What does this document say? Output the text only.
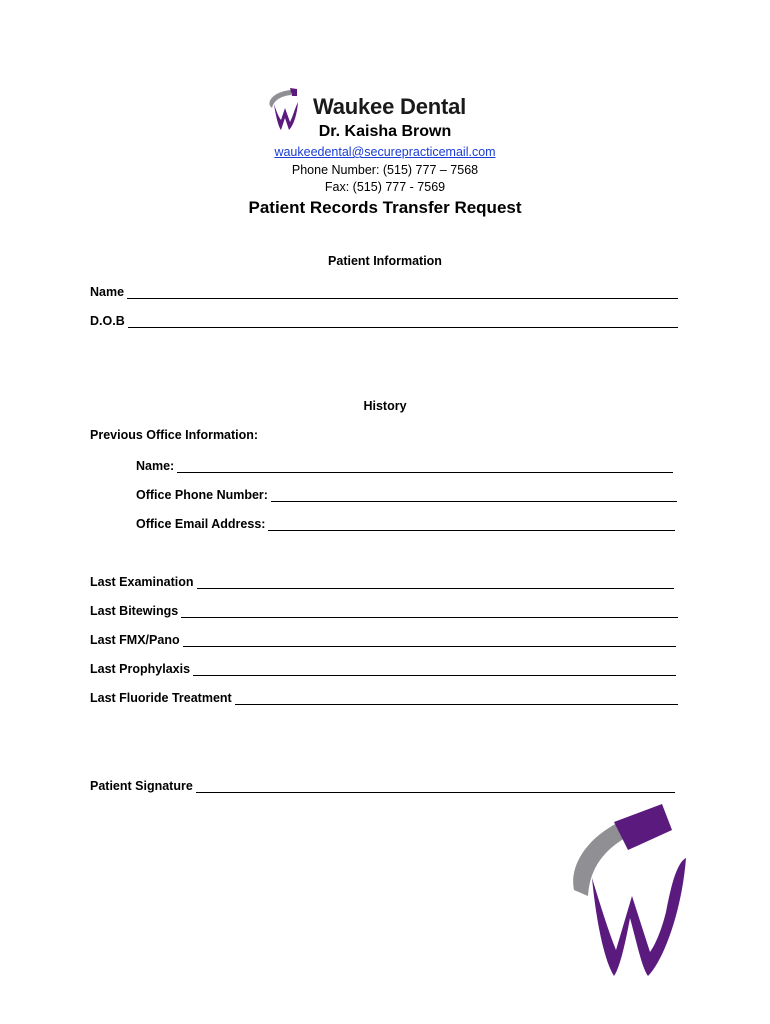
Waukee Dental
Dr. Kaisha Brown
waukeedental@securepracticemail.com
Phone Number: (515) 777 – 7568
Fax: (515) 777 - 7569
Patient Records Transfer Request
Patient Information
Name
D.O.B
History
Previous Office Information:
Name:
Office Phone Number:
Office Email Address:
Last Examination
Last Bitewings
Last FMX/Pano
Last Prophylaxis
Last Fluoride Treatment
Patient Signature
